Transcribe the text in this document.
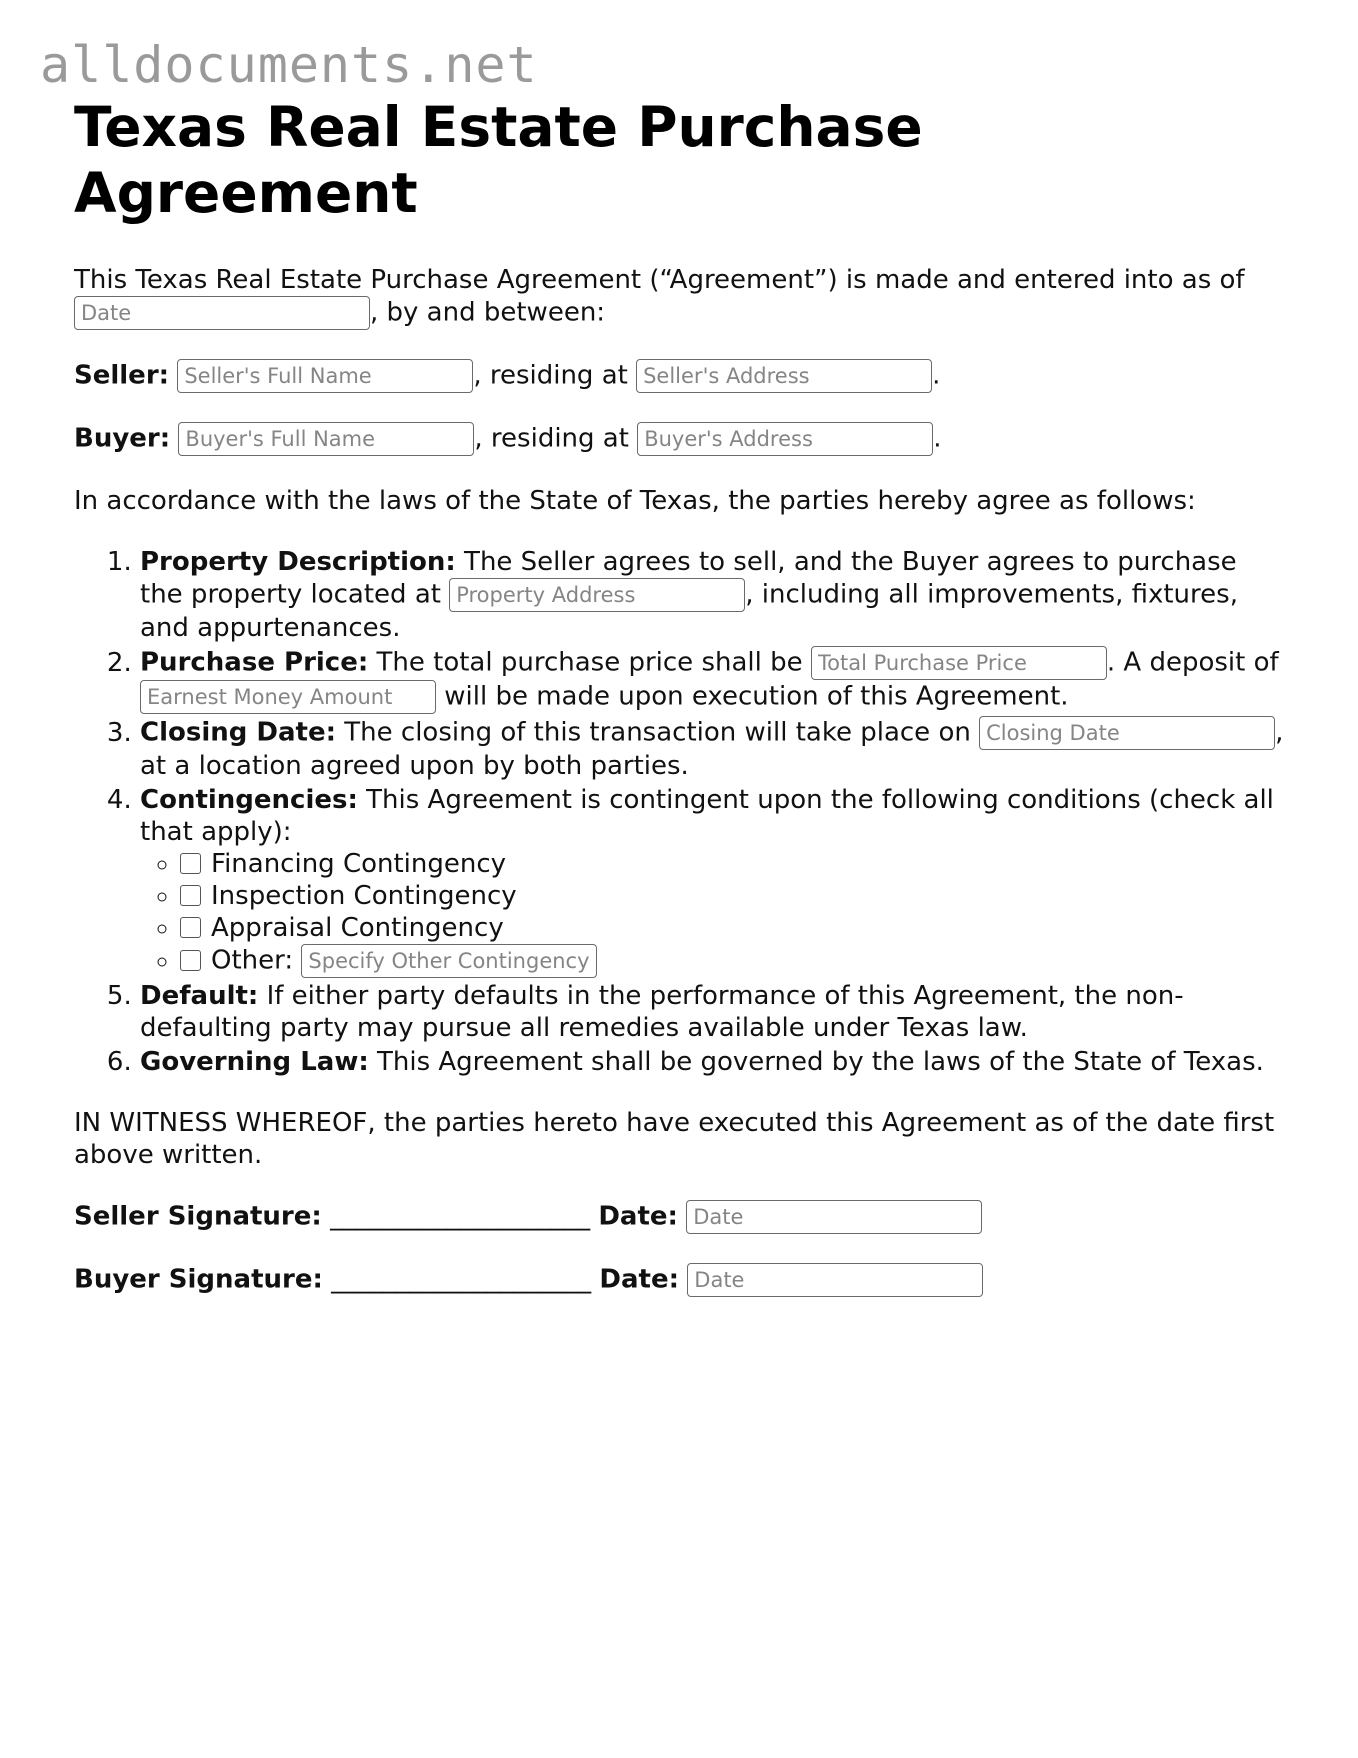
alldocuments.net
Texas Real Estate Purchase Agreement

This Texas Real Estate Purchase Agreement (“Agreement”) is made and entered into as of Date, by and between:

Seller: Seller's Full Name	, residing at Seller's Address	.

Buyer: Buyer's Full Name	, residing at Buyer's Address	.

In accordance with the laws of the State of Texas, the parties hereby agree as follows:

1. Property Description: The Seller agrees to sell, and the Buyer agrees to purchase the property located at Property Address	, including all improvements, fixtures, and appurtenances.
2. Purchase Price: The total purchase price shall be Total Purchase Price	. A deposit of Earnest Money Amount will be made upon execution of this Agreement.
3. Closing Date: The closing of this transaction will take place on Closing Date	, at a location agreed upon by both parties.
4. Contingencies: This Agreement is contingent upon the following conditions (check all that apply):
◦ Financing Contingency
◦ Inspection Contingency
◦ Appraisal Contingency
◦ Other: Specify Other Contingency
5. Default: If either party defaults in the performance of this Agreement, the non-defaulting party may pursue all remedies available under Texas law.
6. Governing Law: This Agreement shall be governed by the laws of the State of Texas.

IN WITNESS WHEREOF, the parties hereto have executed this Agreement as of the date first above written.

Seller Signature: ____________________ Date: Date

Buyer Signature: ____________________ Date: Date
